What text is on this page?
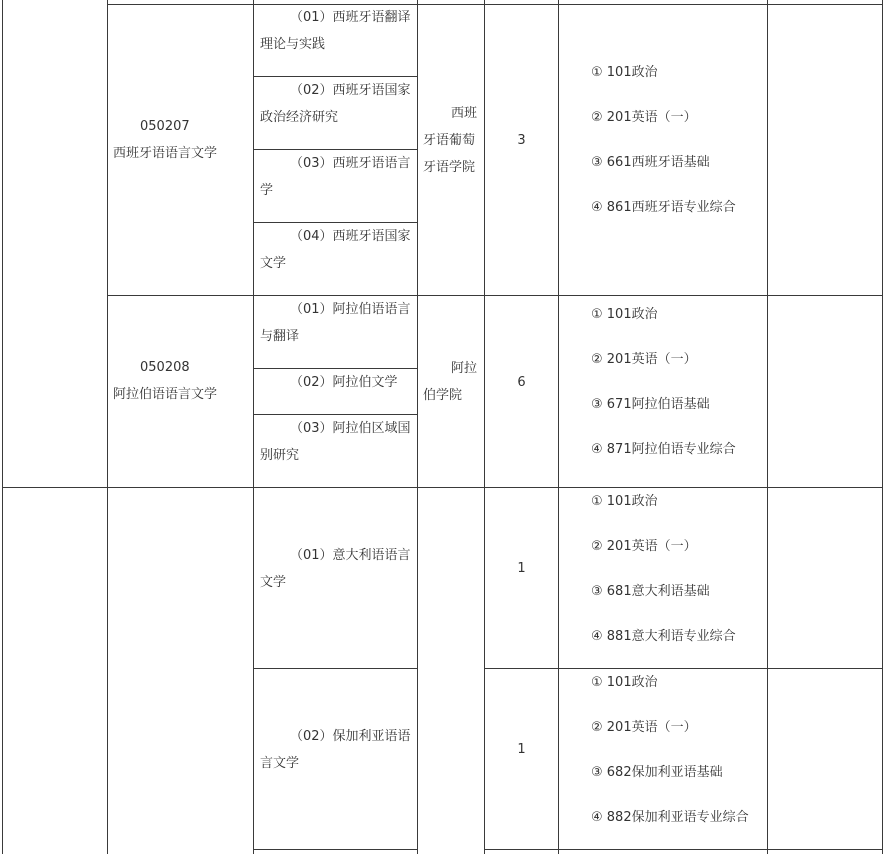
050207
西班牙语语言文学
（01）西班牙语翻译
理论与实践
（02）西班牙语国家
政治经济研究
（03）西班牙语语言
学
（04）西班牙语国家
文学
西班
牙语葡萄
牙语学院
3
① 101政治
② 201英语（一）
③ 661西班牙语基础
④ 861西班牙语专业综合
050208
阿拉伯语语言文学
（01）阿拉伯语语言
与翻译
（02）阿拉伯文学
（03）阿拉伯区域国
别研究
阿拉
伯学院
6
① 101政治
② 201英语（一）
③ 671阿拉伯语基础
④ 871阿拉伯语专业综合
（01）意大利语语言
文学
1
① 101政治
② 201英语（一）
③ 681意大利语基础
④ 881意大利语专业综合
（02）保加利亚语语
言文学
1
① 101政治
② 201英语（一）
③ 682保加利亚语基础
④ 882保加利亚语专业综合
